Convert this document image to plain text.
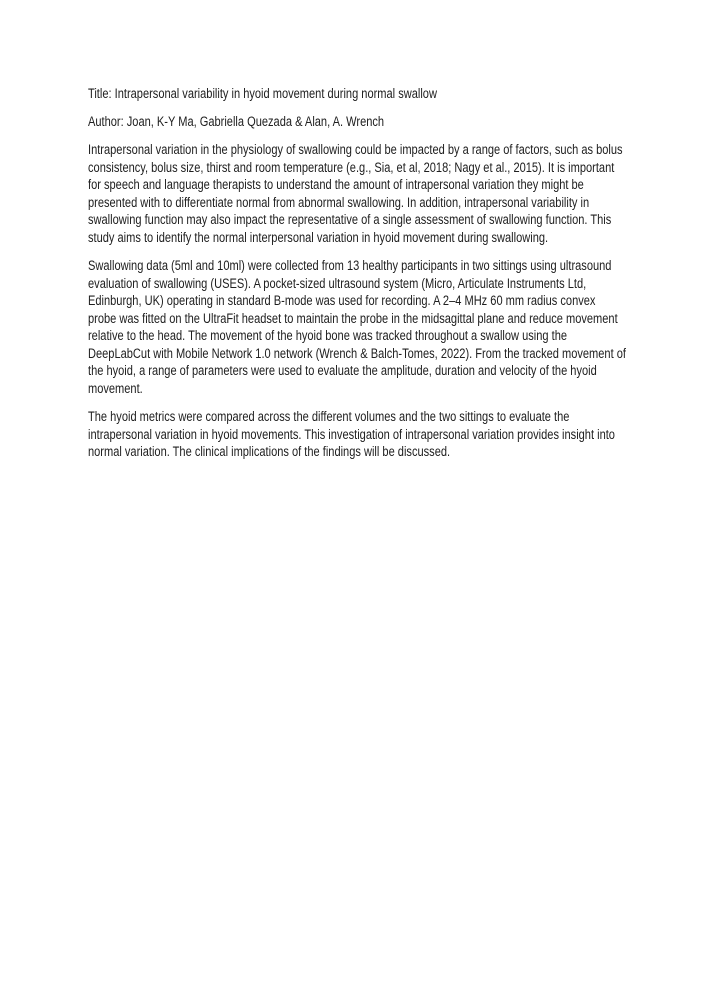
Title: Intrapersonal variability in hyoid movement during normal swallow

Author: Joan, K-Y Ma, Gabriella Quezada & Alan, A. Wrench

Intrapersonal variation in the physiology of swallowing could be impacted by a range of factors, such as bolus consistency, bolus size, thirst and room temperature (e.g., Sia, et al, 2018; Nagy et al., 2015). It is important for speech and language therapists to understand the amount of intrapersonal variation they might be presented with to differentiate normal from abnormal swallowing. In addition, intrapersonal variability in swallowing function may also impact the representative of a single assessment of swallowing function. This study aims to identify the normal interpersonal variation in hyoid movement during swallowing.

Swallowing data (5ml and 10ml) were collected from 13 healthy participants in two sittings using ultrasound evaluation of swallowing (USES). A pocket-sized ultrasound system (Micro, Articulate Instruments Ltd, Edinburgh, UK) operating in standard B-mode was used for recording. A 2–4 MHz 60 mm radius convex probe was fitted on the UltraFit headset to maintain the probe in the midsagittal plane and reduce movement relative to the head. The movement of the hyoid bone was tracked throughout a swallow using the DeepLabCut with Mobile Network 1.0 network (Wrench & Balch-Tomes, 2022). From the tracked movement of the hyoid, a range of parameters were used to evaluate the amplitude, duration and velocity of the hyoid movement.

The hyoid metrics were compared across the different volumes and the two sittings to evaluate the intrapersonal variation in hyoid movements. This investigation of intrapersonal variation provides insight into normal variation. The clinical implications of the findings will be discussed.
